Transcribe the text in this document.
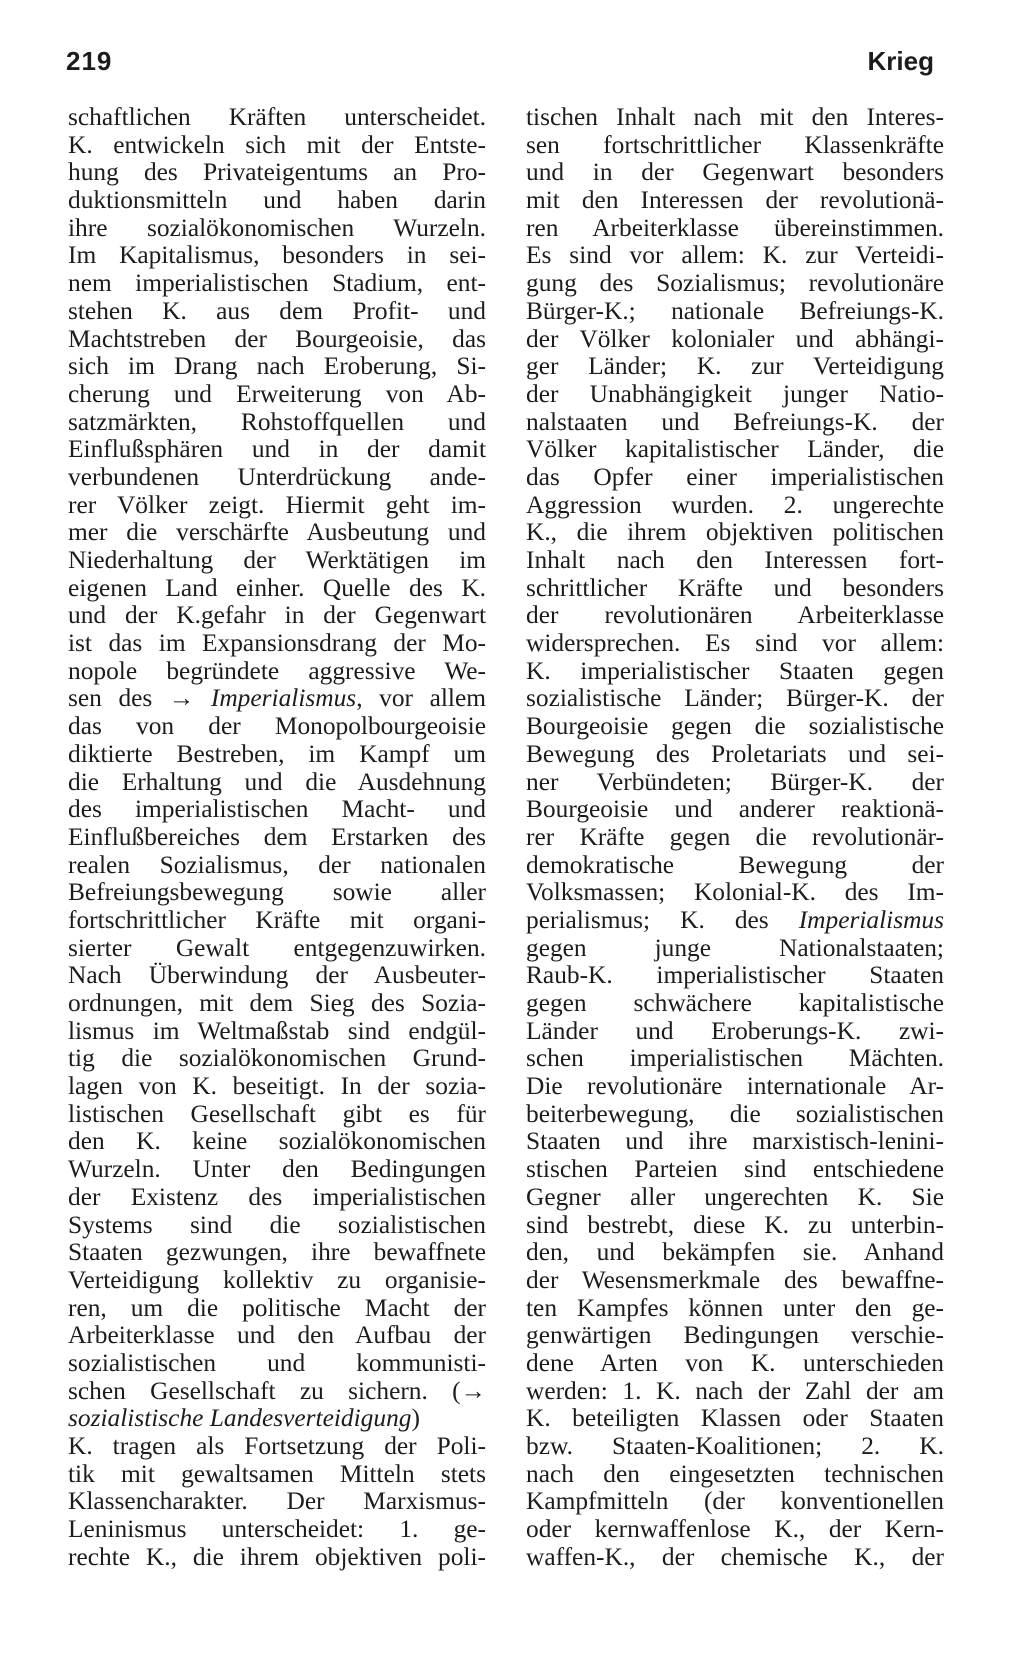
219	Krieg
schaftlichen Kräften unterscheidet.
K. entwickeln sich mit der Entste-
hung des Privateigentums an Pro-
duktionsmitteln und haben darin
ihre sozialökonomischen Wurzeln.
Im Kapitalismus, besonders in sei-
nem imperialistischen Stadium, ent-
stehen K. aus dem Profit- und
Machtstreben der Bourgeoisie, das
sich im Drang nach Eroberung, Si-
cherung und Erweiterung von Ab-
satzmärkten, Rohstoffquellen und
Einflußsphären und in der damit
verbundenen Unterdrückung ande-
rer Völker zeigt. Hiermit geht im-
mer die verschärfte Ausbeutung und
Niederhaltung der Werktätigen im
eigenen Land einher. Quelle des K.
und der K.gefahr in der Gegenwart
ist das im Expansionsdrang der Mo-
nopole begründete aggressive We-
sen des → Imperialismus, vor allem
das von der Monopolbourgeoisie
diktierte Bestreben, im Kampf um
die Erhaltung und die Ausdehnung
des imperialistischen Macht- und
Einflußbereiches dem Erstarken des
realen Sozialismus, der nationalen
Befreiungsbewegung sowie aller
fortschrittlicher Kräfte mit organi-
sierter Gewalt entgegenzuwirken.
Nach Überwindung der Ausbeuter-
ordnungen, mit dem Sieg des Sozia-
lismus im Weltmaßstab sind endgül-
tig die sozialökonomischen Grund-
lagen von K. beseitigt. In der sozia-
listischen Gesellschaft gibt es für
den K. keine sozialökonomischen
Wurzeln. Unter den Bedingungen
der Existenz des imperialistischen
Systems sind die sozialistischen
Staaten gezwungen, ihre bewaffnete
Verteidigung kollektiv zu organisie-
ren, um die politische Macht der
Arbeiterklasse und den Aufbau der
sozialistischen und kommunisti-
schen Gesellschaft zu sichern. (→
sozialistische Landesverteidigung)
K. tragen als Fortsetzung der Poli-
tik mit gewaltsamen Mitteln stets
Klassencharakter. Der Marxismus-
Leninismus unterscheidet: 1. ge-
rechte K., die ihrem objektiven poli-
tischen Inhalt nach mit den Interes-
sen fortschrittlicher Klassenkräfte
und in der Gegenwart besonders
mit den Interessen der revolutionä-
ren Arbeiterklasse übereinstimmen.
Es sind vor allem: K. zur Verteidi-
gung des Sozialismus; revolutionäre
Bürger-K.; nationale Befreiungs-K.
der Völker kolonialer und abhängi-
ger Länder; K. zur Verteidigung
der Unabhängigkeit junger Natio-
nalstaaten und Befreiungs-K. der
Völker kapitalistischer Länder, die
das Opfer einer imperialistischen
Aggression wurden. 2. ungerechte
K., die ihrem objektiven politischen
Inhalt nach den Interessen fort-
schrittlicher Kräfte und besonders
der revolutionären Arbeiterklasse
widersprechen. Es sind vor allem:
K. imperialistischer Staaten gegen
sozialistische Länder; Bürger-K. der
Bourgeoisie gegen die sozialistische
Bewegung des Proletariats und sei-
ner Verbündeten; Bürger-K. der
Bourgeoisie und anderer reaktionä-
rer Kräfte gegen die revolutionär-
demokratische Bewegung der
Volksmassen; Kolonial-K. des Im-
perialismus; K. des Imperialismus
gegen junge Nationalstaaten;
Raub-K. imperialistischer Staaten
gegen schwächere kapitalistische
Länder und Eroberungs-K. zwi-
schen imperialistischen Mächten.
Die revolutionäre internationale Ar-
beiterbewegung, die sozialistischen
Staaten und ihre marxistisch-lenini-
stischen Parteien sind entschiedene
Gegner aller ungerechten K. Sie
sind bestrebt, diese K. zu unterbin-
den, und bekämpfen sie. Anhand
der Wesensmerkmale des bewaffne-
ten Kampfes können unter den ge-
genwärtigen Bedingungen verschie-
dene Arten von K. unterschieden
werden: 1. K. nach der Zahl der am
K. beteiligten Klassen oder Staaten
bzw. Staaten-Koalitionen; 2. K.
nach den eingesetzten technischen
Kampfmitteln (der konventionellen
oder kernwaffenlose K., der Kern-
waffen-K., der chemische K., der
